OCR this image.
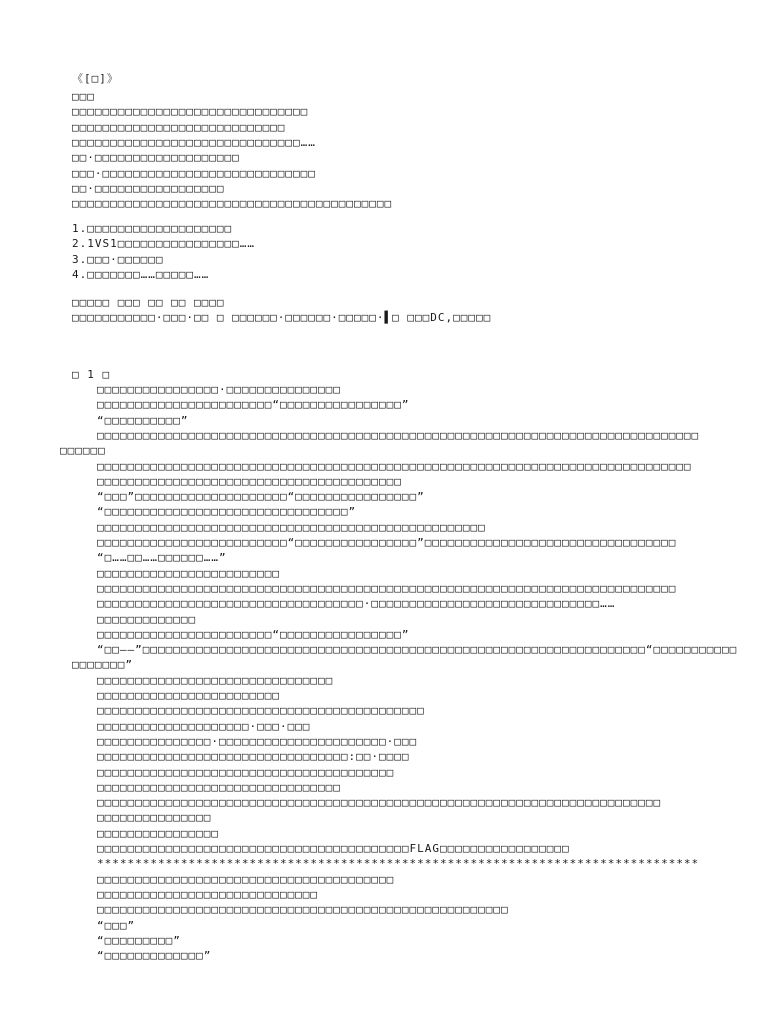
《[□]》
□□□
□□□□□□□□□□□□□□□□□□□□□□□□□□□□□□□
□□□□□□□□□□□□□□□□□□□□□□□□□□□□
□□□□□□□□□□□□□□□□□□□□□□□□□□□□□□……
□□·□□□□□□□□□□□□□□□□□□□
□□□·□□□□□□□□□□□□□□□□□□□□□□□□□□□□
□□·□□□□□□□□□□□□□□□□□
□□□□□□□□□□□□□□□□□□□□□□□□□□□□□□□□□□□□□□□□□□
1.□□□□□□□□□□□□□□□□□□□
2.1VS1□□□□□□□□□□□□□□□□……
3.□□□·□□□□□□
4.□□□□□□□……□□□□□……
□□□□□ □□□ □□ □□ □□□□
□□□□□□□□□□□·□□□·□□ □ □□□□□□·□□□□□□·□□□□□·▌□ □□□DC,□□□□□
□ 1 □
□□□□□□□□□□□□□□□□·□□□□□□□□□□□□□□□
□□□□□□□□□□□□□□□□□□□□□□□“□□□□□□□□□□□□□□□□”
“□□□□□□□□□□”
□□□□□□□□□□□□□□□□□□□□□□□□□□□□□□□□□□□□□□□□□□□□□□□□□□□□□□□□□□□□□□□□□□□□□□□□□□□□□□□
□□□□□□
□□□□□□□□□□□□□□□□□□□□□□□□□□□□□□□□□□□□□□□□□□□□□□□□□□□□□□□□□□□□□□□□□□□□□□□□□□□□□□
□□□□□□□□□□□□□□□□□□□□□□□□□□□□□□□□□□□□□□□□
“□□□”□□□□□□□□□□□□□□□□□□□□“□□□□□□□□□□□□□□□□”
“□□□□□□□□□□□□□□□□□□□□□□□□□□□□□□□□”
□□□□□□□□□□□□□□□□□□□□□□□□□□□□□□□□□□□□□□□□□□□□□□□□□□□
□□□□□□□□□□□□□□□□□□□□□□□□□“□□□□□□□□□□□□□□□□”□□□□□□□□□□□□□□□□□□□□□□□□□□□□□□□□□
“□……□□……□□□□□□……”
□□□□□□□□□□□□□□□□□□□□□□□□
□□□□□□□□□□□□□□□□□□□□□□□□□□□□□□□□□□□□□□□□□□□□□□□□□□□□□□□□□□□□□□□□□□□□□□□□□□□□
□□□□□□□□□□□□□□□□□□□□□□□□□□□□□□□□□□□·□□□□□□□□□□□□□□□□□□□□□□□□□□□□□□……
□□□□□□□□□□□□□
□□□□□□□□□□□□□□□□□□□□□□□“□□□□□□□□□□□□□□□□”
“□□——”□□□□□□□□□□□□□□□□□□□□□□□□□□□□□□□□□□□□□□□□□□□□□□□□□□□□□□□□□□□□□□□□□□“□□□□□□□□□□□
□□□□□□□”
□□□□□□□□□□□□□□□□□□□□□□□□□□□□□□□
□□□□□□□□□□□□□□□□□□□□□□□□
□□□□□□□□□□□□□□□□□□□□□□□□□□□□□□□□□□□□□□□□□□□
□□□□□□□□□□□□□□□□□□□□·□□□·□□□
□□□□□□□□□□□□□□□·□□□□□□□□□□□□□□□□□□□□□□·□□□
□□□□□□□□□□□□□□□□□□□□□□□□□□□□□□□□□:□□·□□□□
□□□□□□□□□□□□□□□□□□□□□□□□□□□□□□□□□□□□□□□
□□□□□□□□□□□□□□□□□□□□□□□□□□□□□□□□
□□□□□□□□□□□□□□□□□□□□□□□□□□□□□□□□□□□□□□□□□□□□□□□□□□□□□□□□□□□□□□□□□□□□□□□□□□
□□□□□□□□□□□□□□□
□□□□□□□□□□□□□□□□
□□□□□□□□□□□□□□□□□□□□□□□□□□□□□□□□□□□□□□□□□FLAG□□□□□□□□□□□□□□□□□
*******************************************************************************
□□□□□□□□□□□□□□□□□□□□□□□□□□□□□□□□□□□□□□□
□□□□□□□□□□□□□□□□□□□□□□□□□□□□□
□□□□□□□□□□□□□□□□□□□□□□□□□□□□□□□□□□□□□□□□□□□□□□□□□□□□□□
“□□□”
“□□□□□□□□□”
“□□□□□□□□□□□□□”
